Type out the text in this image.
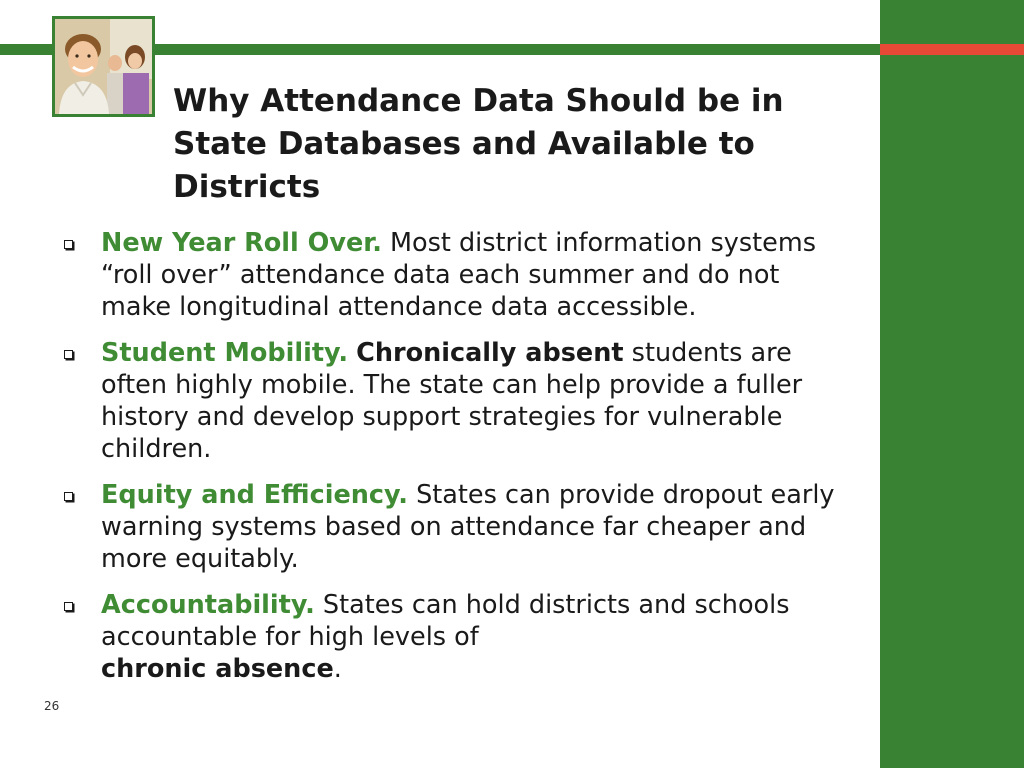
Why Attendance Data Should be in State Databases and Available to Districts
New Year Roll Over. Most district information systems “roll over” attendance data each summer and do not make longitudinal attendance data accessible.
Student Mobility. Chronically absent students are often highly mobile. The state can help provide a fuller history and develop support strategies for vulnerable children.
Equity and Efficiency. States can provide dropout early warning systems based on attendance far cheaper and more equitably.
Accountability. States can hold districts and schools accountable for high levels of
chronic absence.
26
